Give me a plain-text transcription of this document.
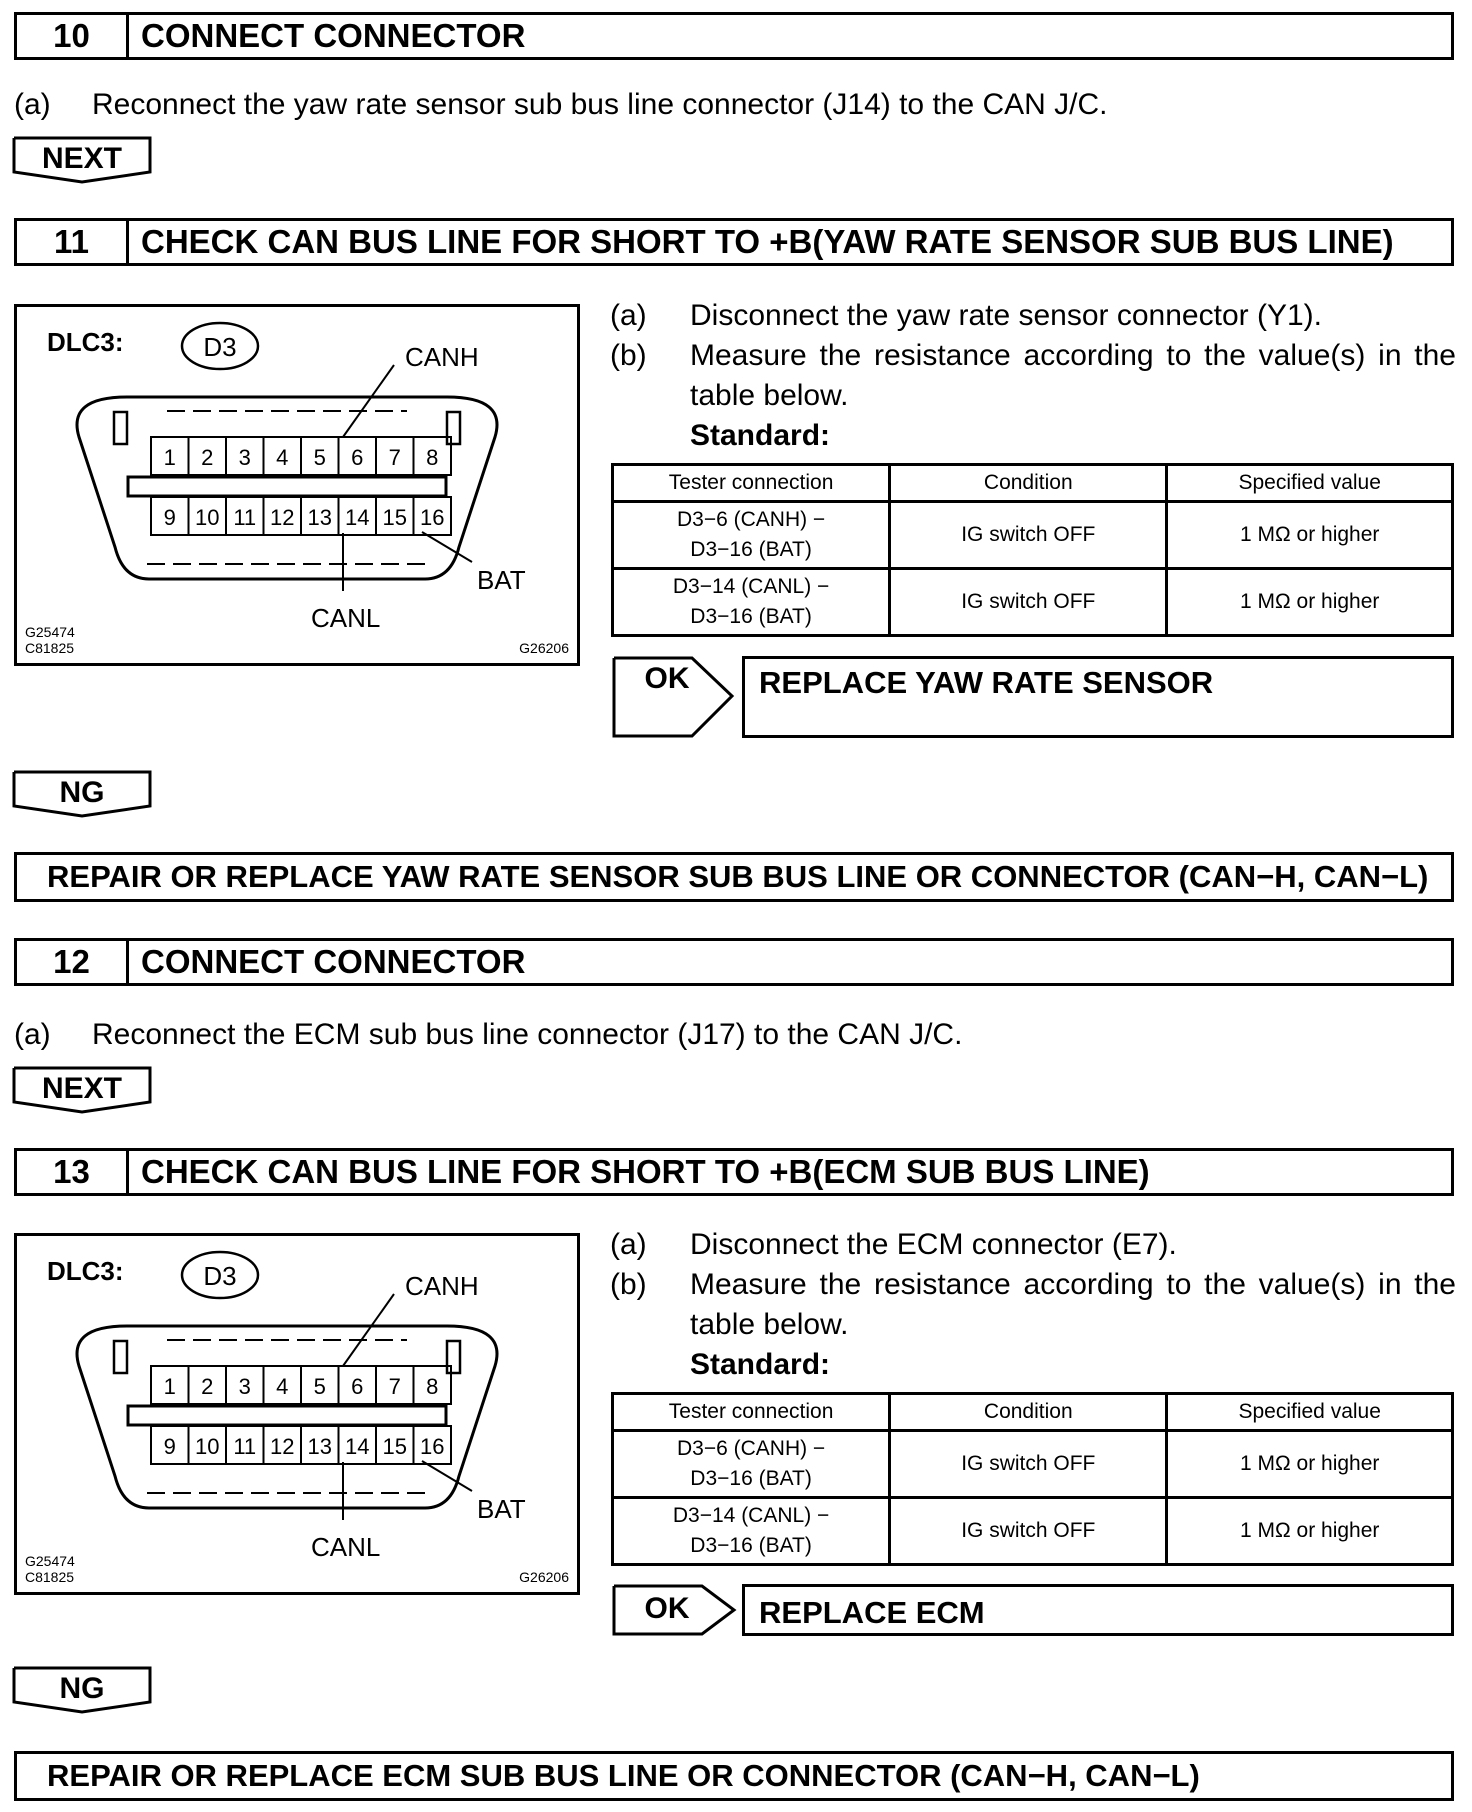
10	CONNECT CONNECTOR
(a) Reconnect the yaw rate sensor sub bus line connector (J14) to the CAN J/C.
NEXT
11	CHECK CAN BUS LINE FOR SHORT TO +B(YAW RATE SENSOR SUB BUS LINE)
DLC3:	D3	CANH
1 2 3 4 5 6 7 8
9 10 11 12 13 14 15 16
CANL
BAT
G25474
C81825	G26206
(a)	Disconnect the yaw rate sensor connector (Y1).
(b)	Measure the resistance according to the value(s) in the table below.
Standard:
Tester connection	Condition	Specified value
D3−6 (CANH) −
D3−16 (BAT)	IG switch OFF	1 MΩ or higher
D3−14 (CANL) −
D3−16 (BAT)	IG switch OFF	1 MΩ or higher
OK	REPLACE YAW RATE SENSOR
NG
REPAIR OR REPLACE YAW RATE SENSOR SUB BUS LINE OR CONNECTOR (CAN−H, CAN−L)
12	CONNECT CONNECTOR
(a) Reconnect the ECM sub bus line connector (J17) to the CAN J/C.
NEXT
13	CHECK CAN BUS LINE FOR SHORT TO +B(ECM SUB BUS LINE)
DLC3:	D3	CANH
1 2 3 4 5 6 7 8
9 10 11 12 13 14 15 16
CANL
BAT
G25474
C81825	G26206
(a)	Disconnect the ECM connector (E7).
(b)	Measure the resistance according to the value(s) in the table below.
Standard:
Tester connection	Condition	Specified value
D3−6 (CANH) −
D3−16 (BAT)	IG switch OFF	1 MΩ or higher
D3−14 (CANL) −
D3−16 (BAT)	IG switch OFF	1 MΩ or higher
OK	REPLACE ECM
NG
REPAIR OR REPLACE ECM SUB BUS LINE OR CONNECTOR (CAN−H, CAN−L)
